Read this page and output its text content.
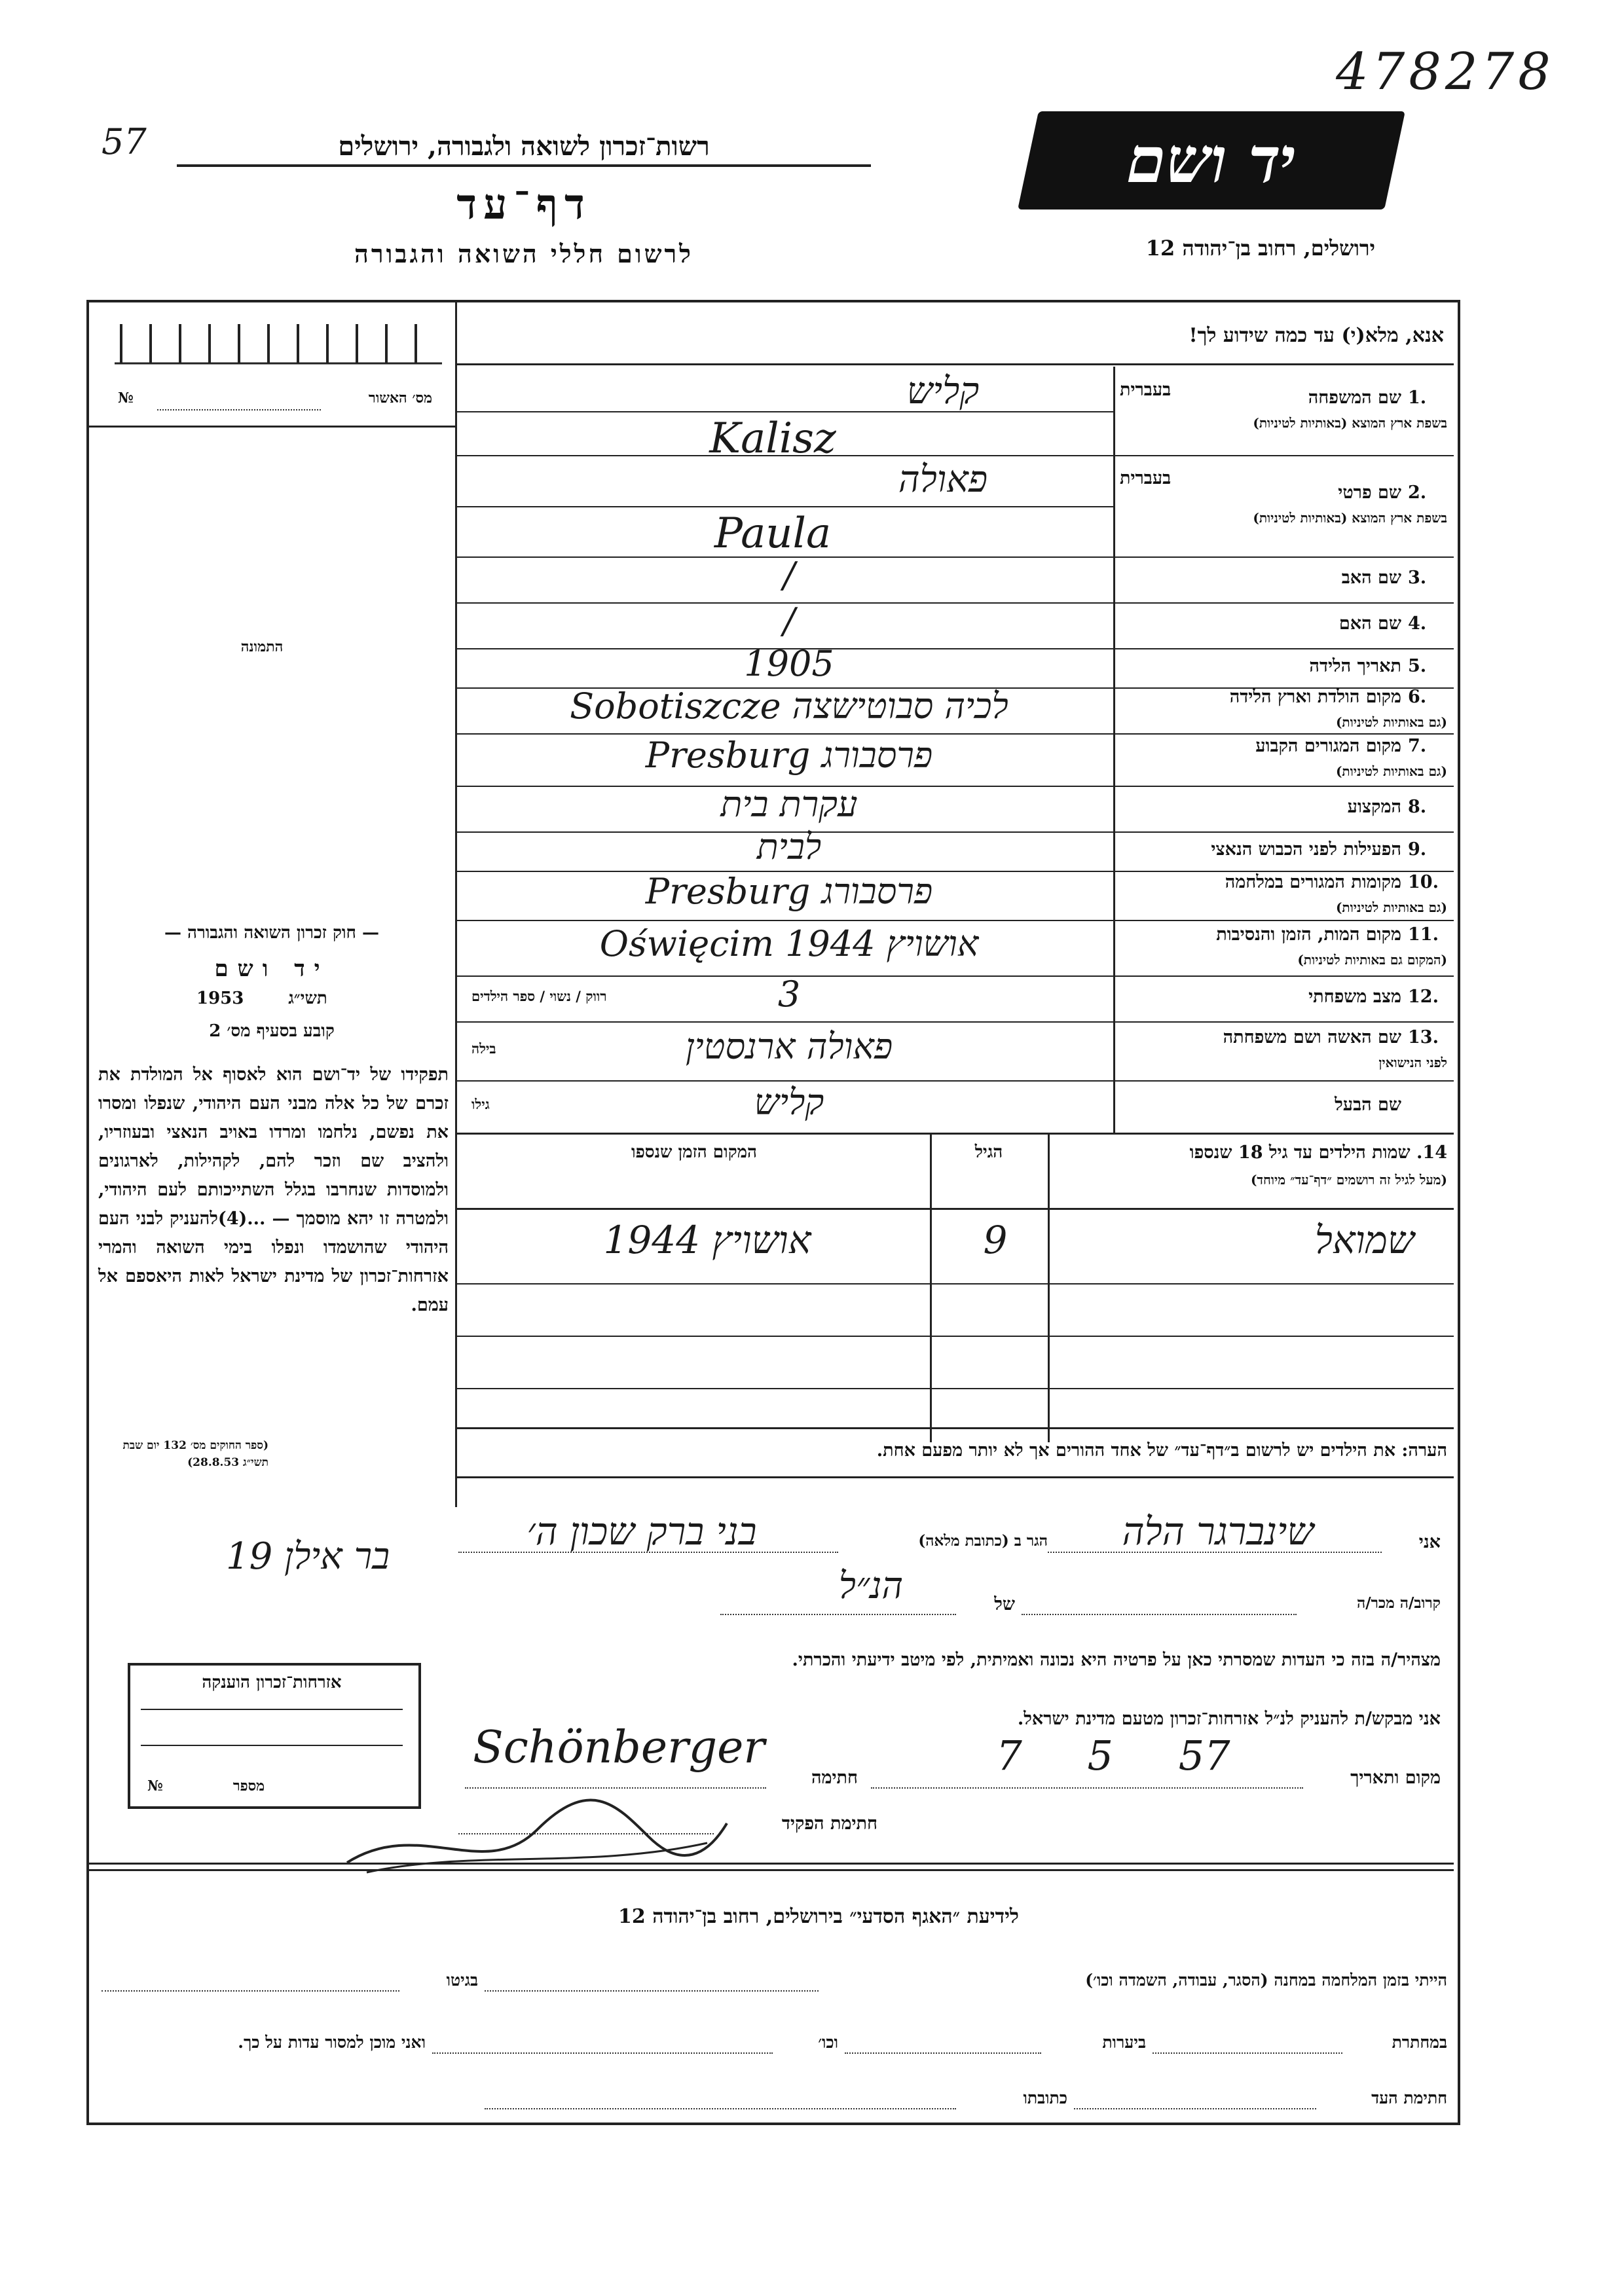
478278
57	רשות־זכרון לשואה ולגבורה, ירושלים
דף־עד
לרשום חללי השואה והגבורה
יד ושם
ירושלים, רחוב בן־יהודה 12
אנא, מלא(י) עד כמה שידוע לך!
מס׳ האשור
№
התמונה
— חוק זכרון השואה והגבורה —
יד ושם
תשי״ג
1953
קובע בסעיף מס׳ 2
תפקידו של יד־ושם הוא לאסוף אל המולדת את זכרם של כל אלה מבני העם היהודי, שנפלו ומסרו את נפשם, נלחמו ומרדו באויב הנאצי ובעוזריו, ולהציב שם וזכר להם, לקהילות, לארגונים ולמוסדות שנחרבו בגלל השתייכותם לעם היהודי, ולמטרה זו יהא מוסמך — ...(4)להעניק לבני העם היהודי שהושמדו ונפלו בימי השואה והמרי אזרחות־זכרון של מדינת ישראל לאות היאספם אל עמם.
(ספר החוקים מס׳ 132 יום שבת תשי״ג 28.8.53)
שם המשפחה 1.
בשפת ארץ המוצא (באותיות לטיניות)
בעברית
קליש
Kalisz
שם פרטי 2.
בשפת ארץ המוצא (באותיות לטיניות)
בעברית
פאולה
Paula
שם האב 3.
/
שם האם 4.
/
תאריך הלידה 5.
1905
מקום הולדת וארץ הלידה 6.
(גם באותיות לטיניות)
לכיה סבוטישצה Sobotiszcze
מקום המגורים הקבוע 7.
(גם באותיות לטיניות)
פרסבורג Presburg
המקצוע 8.
עקרת בית
הפעילות לפני הכבוש הנאצי 9.
לבית
מקומות המגורים במלחמה 10.
(גם באותיות לטיניות)
פרסבורג Presburg
מקום המות, הזמן והנסיבות 11.
(המקום גם באותיות לטיניות)
אושויץ 1944 Oświęcim
מצב משפחתי 12.
3
רווק / נשוי / ספר הילדים
שם האשה ושם משפחתה 13.
לפני הנישואין
פאולה ארנסטין
בילה
שם הבעל
קליש
גילו
14. שמות הילדים עד גיל 18 שנספו
(מעל לגיל זה רושמים ״דף־עד״ מיוחד)
הגיל
המקום הזמן שנספו
שמואל
9
אושויץ 1944
הערה: את הילדים יש לרשום ב״דף־עד״ של אחד ההורים אך לא יותר מפעם אחת.
אני
שינברגר הלה
הגר ב (כתובת מלאה)
בני ברק שכון ה׳
בר אילן 19
קרוב/ה מכר/ה
של
הנ״ל
מצהיר/ה בזה כי העדות שמסרתי כאן על פרטיה היא נכונה ואמיתית, לפי מיטב ידיעתי והכרתי.
אני מבקש/ת להעניק לנ״ל אזרחות־זכרון מטעם מדינת ישראל.
מקום ותאריך
7 5 57
חתימה
Schönberger
חתימת הפקיד
אזרחות־זכרון הוענקה
מספר
№
לידיעת ״האגף הסדעי״ בירושלים, רחוב בן־יהודה 12
הייתי בזמן המלחמה במחנה (הסגר, עבודה, השמדה וכו׳)
בגיטו
במחתרת
ביערות
וכו׳
ואני מוכן למסור עדות על כך.
חתימת העד
כתובתו
